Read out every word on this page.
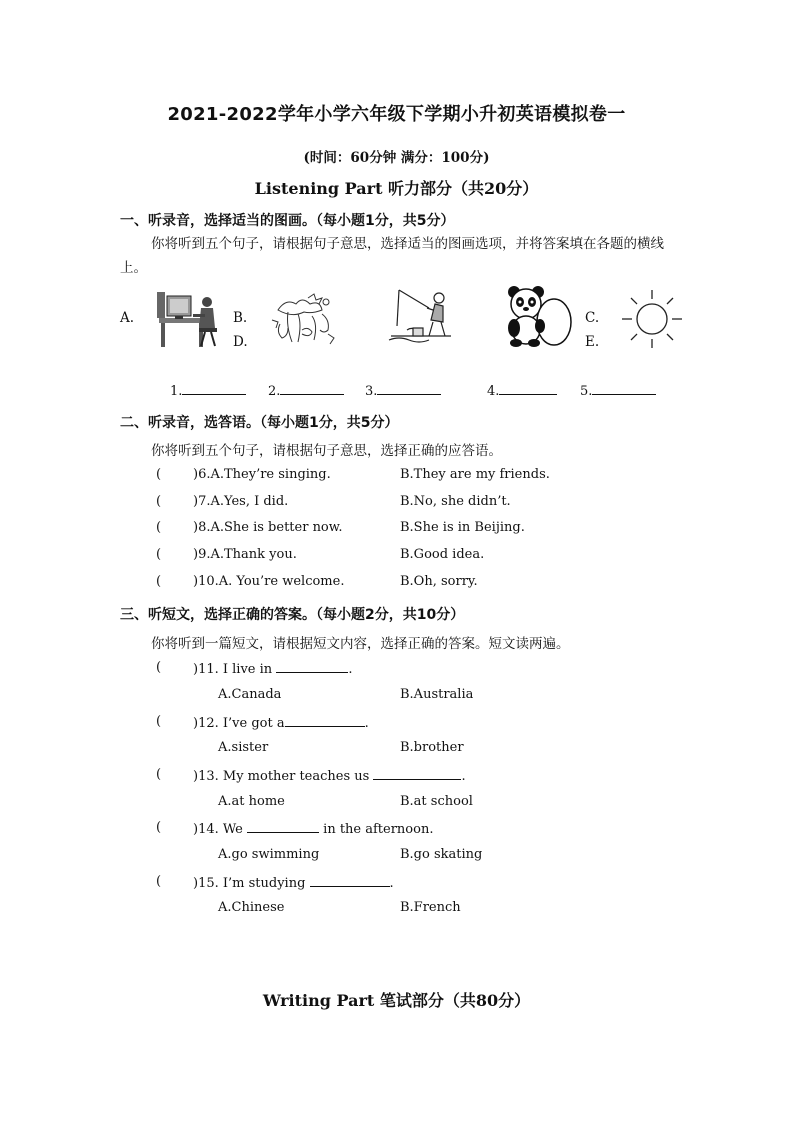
2021-2022学年小学六年级下学期小升初英语模拟卷一
(时间：60分钟 满分：100分)
Listening Part 听力部分（共20分）
一、听录音，选择适当的图画。（每小题1分，共5分）
你将听到五个句子，请根据句子意思，选择适当的图画选项，并将答案填在各题的横线上。
A.	B.
D.
C.
E.
1.	2.	3.	4.	5.
二、听录音，选答语。（每小题1分，共5分）
你将听到五个句子，请根据句子意思，选择正确的应答语。
( )6.A.They’re singing.	B.They are my friends.
( )7.A.Yes, I did.	B.No, she didn’t.
( )8.A.She is better now.	B.She is in Beijing.
( )9.A.Thank you.	B.Good idea.
( )10.A. You’re welcome.	B.Oh, sorry.
三、听短文，选择正确的答案。（每小题2分，共10分）
你将听到一篇短文，请根据短文内容，选择正确的答案。短文读两遍。
( )11. I live in	.
A.Canada	B.Australia
( )12. I’ve got a	.
A.sister	B.brother
( )13. My mother teaches us	.
A.at home	B.at school
( )14. We	in the afternoon.
A.go swimming	B.go skating
( )15. I’m studying	.
A.Chinese	B.French
Writing Part 笔试部分（共80分）
